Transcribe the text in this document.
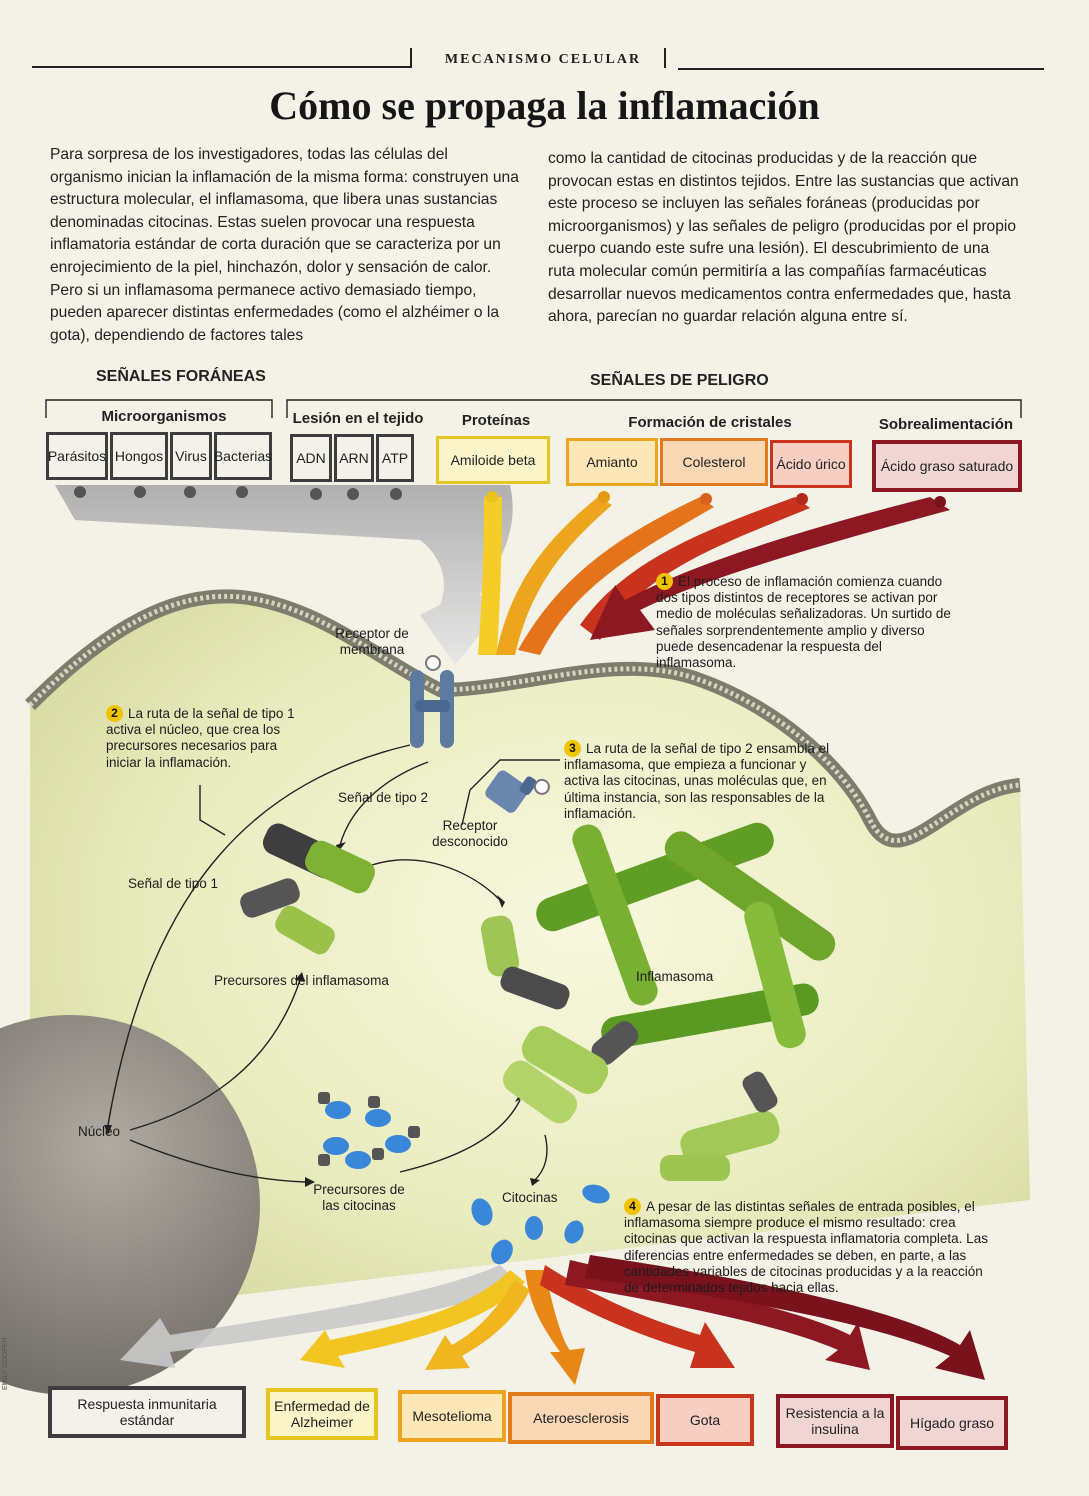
MECANISMO CELULAR
Cómo se propaga la inflamación
Para sorpresa de los investigadores, todas las células del organismo inician la inflamación de la misma forma: construyen una estructura molecular, el inflamasoma, que libera unas sustancias denominadas citocinas. Estas suelen provocar una respuesta inflamatoria estándar de corta duración que se caracteriza por un enrojecimiento de la piel, hinchazón, dolor y sensación de calor. Pero si un inflamasoma permanece activo demasiado tiempo, pueden aparecer distintas enfermedades (como el alzhéimer o la gota), dependiendo de factores tales
como la cantidad de citocinas producidas y de la reacción que provocan estas en distintos tejidos. Entre las sustancias que activan este proceso se incluyen las señales foráneas (producidas por microorganismos) y las señales de peligro (producidas por el propio cuerpo cuando este sufre una lesión). El descubrimiento de una ruta molecular común permitiría a las compañías farmacéuticas desarrollar nuevos medicamentos contra enfermedades que, hasta ahora, parecían no guardar relación alguna entre sí.
SEÑALES FORÁNEAS	SEÑALES DE PELIGRO
Microorganismos	Lesión en el tejido	Proteínas	Formación de cristales	Sobrealimentación
Parásitos Hongos Virus Bacterias	ADN ARN ATP	Amiloide beta	Amianto	Colesterol	Ácido úrico	Ácido graso saturado
Receptor de membrana
Señal de tipo 2
Receptor desconocido
Señal de tipo 1
Precursores del inflamasoma	Inflamasoma
Núcleo
Precursores de las citocinas
Citocinas
1 El proceso de inflamación comienza cuando dos tipos distintos de receptores se activan por medio de moléculas señalizadoras. Un surtido de señales sorprendentemente amplio y diverso puede desencadenar la respuesta del inflamasoma.
2 La ruta de la señal de tipo 1 activa el núcleo, que crea los precursores necesarios para iniciar la inflamación.
3 La ruta de la señal de tipo 2 ensambla el inflamasoma, que empieza a funcionar y activa las citocinas, unas moléculas que, en última instancia, son las responsables de la inflamación.
4 A pesar de las distintas señales de entrada posibles, el inflamasoma siempre produce el mismo resultado: crea citocinas que activan la respuesta inflamatoria completa. Las diferencias entre enfermedades se deben, en parte, a las cantidades variables de citocinas producidas y a la reacción de determinados tejidos hacia ellas.
Respuesta inmunitaria estándar
Enfermedad de Alzheimer	Mesotelioma	Ateroesclerosis	Gota	Resistencia a la insulina	Hígado graso
EMILY COOPER
